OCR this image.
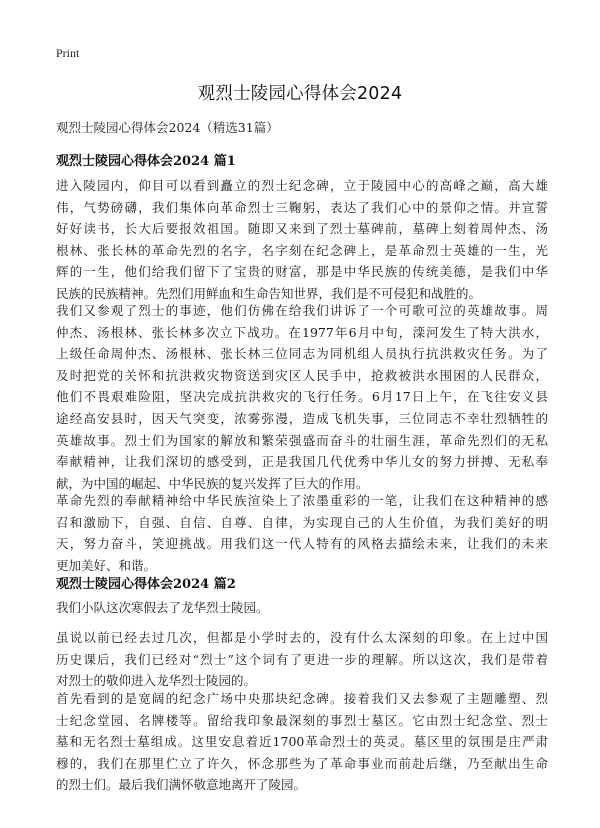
Print
观烈士陵园心得体会2024

观烈士陵园心得体会2024（精选31篇）

观烈士陵园心得体会2024 篇1

进入陵园内，仰目可以看到矗立的烈士纪念碑，立于陵园中心的高峰之巅，高大雄
伟，气势磅礴，我们集体向革命烈士三鞠躬，表达了我们心中的景仰之情。并宣誓
好好读书，长大后要报效祖国。随即又来到了烈士墓碑前，墓碑上刻着周仲杰、汤
根林、张长林的革命先烈的名字，名字刻在纪念碑上，是革命烈士英雄的一生，光
辉的一生，他们给我们留下了宝贵的财富，那是中华民族的传统美德，是我们中华
民族的民族精神。先烈们用鲜血和生命告知世界，我们是不可侵犯和战胜的。

我们又参观了烈士的事迹，他们仿佛在给我们讲诉了一个可歌可泣的英雄故事。周
仲杰、汤根林、张长林多次立下战功。在1977年6月中旬，滦河发生了特大洪水，
上级任命周仲杰、汤根林、张长林三位同志为同机组人员执行抗洪救灾任务。为了
及时把党的关怀和抗洪救灾物资送到灾区人民手中，抢救被洪水围困的人民群众，
他们不畏艰难险阻，坚决完成抗洪救灾的飞行任务。6月17日上午，在飞往安义县
途经高安县时，因天气突变，浓雾弥漫，造成飞机失事，三位同志不幸壮烈牺牲的
英雄故事。烈士们为国家的解放和繁荣强盛而奋斗的壮丽生涯，革命先烈们的无私
奉献精神，让我们深切的感受到，正是我国几代优秀中华儿女的努力拼搏、无私奉
献，为中国的崛起、中华民族的复兴发挥了巨大的作用。

革命先烈的奉献精神给中华民族渲染上了浓墨重彩的一笔，让我们在这种精神的感
召和激励下，自强、自信、自尊、自律，为实现自己的人生价值，为我们美好的明
天，努力奋斗，笑迎挑战。用我们这一代人特有的风格去描绘未来，让我们的未来
更加美好、和谐。

观烈士陵园心得体会2024 篇2

我们小队这次寒假去了龙华烈士陵园。

虽说以前已经去过几次，但都是小学时去的，没有什么太深刻的印象。在上过中国
历史课后，我们已经对“烈士”这个词有了更进一步的理解。所以这次，我们是带着
对烈士的敬仰进入龙华烈士陵园的。

首先看到的是宽阔的纪念广场中央那块纪念碑。接着我们又去参观了主题雕塑、烈
士纪念堂园、名牌楼等。留给我印象最深刻的事烈士墓区。它由烈士纪念堂、烈士
墓和无名烈士墓组成。这里安息着近1700革命烈士的英灵。墓区里的氛围是庄严肃
穆的，我们在那里伫立了许久，怀念那些为了革命事业而前赴后继，乃至献出生命
的烈士们。最后我们满怀敬意地离开了陵园。
